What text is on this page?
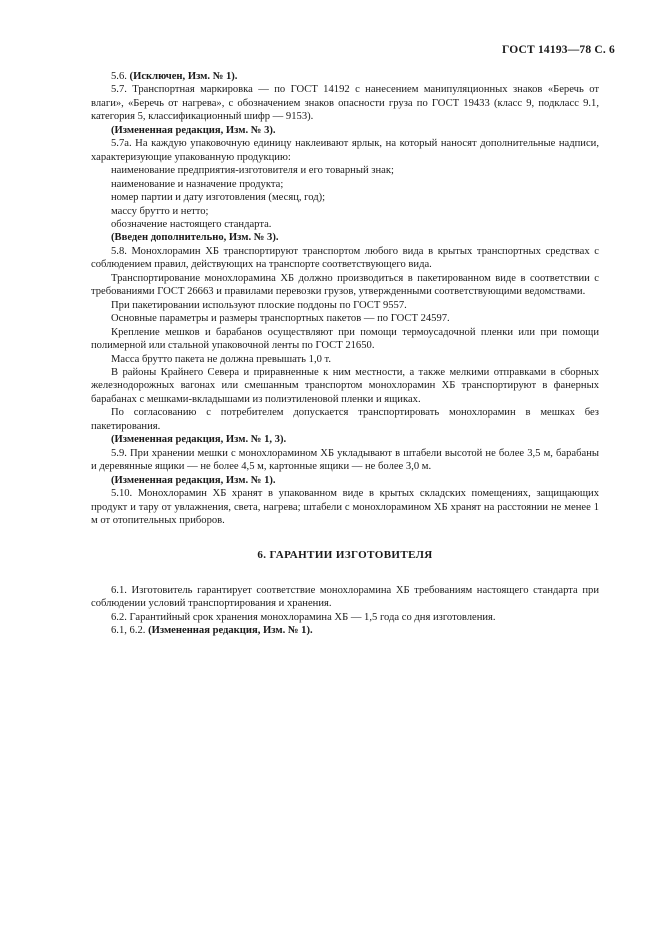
ГОСТ 14193—78 С. 6

5.6. (Исключен, Изм. № 1).

5.7. Транспортная маркировка — по ГОСТ 14192 с нанесением манипуляционных знаков «Беречь от влаги», «Беречь от нагрева», с обозначением знаков опасности груза по ГОСТ 19433 (класс 9, подкласс 9.1, категория 5, классификационный шифр — 9153).

(Измененная редакция, Изм. № 3).

5.7а. На каждую упаковочную единицу наклеивают ярлык, на который наносят дополнительные надписи, характеризующие упакованную продукцию:

наименование предприятия-изготовителя и его товарный знак;

наименование и назначение продукта;

номер партии и дату изготовления (месяц, год);

массу брутто и нетто;

обозначение настоящего стандарта.

(Введен дополнительно, Изм. № 3).

5.8. Монохлорамин ХБ транспортируют транспортом любого вида в крытых транспортных средствах с соблюдением правил, действующих на транспорте соответствующего вида.

Транспортирование монохлорамина ХБ должно производиться в пакетированном виде в соответствии с требованиями ГОСТ 26663 и правилами перевозки грузов, утвержденными соответствующими ведомствами.

При пакетировании используют плоские поддоны по ГОСТ 9557.

Основные параметры и размеры транспортных пакетов — по ГОСТ 24597.

Крепление мешков и барабанов осуществляют при помощи термоусадочной пленки или при помощи полимерной или стальной упаковочной ленты по ГОСТ 21650.

Масса брутто пакета не должна превышать 1,0 т.

В районы Крайнего Севера и приравненные к ним местности, а также мелкими отправками в сборных железнодорожных вагонах или смешанным транспортом монохлорамин ХБ транспортируют в фанерных барабанах с мешками-вкладышами из полиэтиленовой пленки и ящиках.

По согласованию с потребителем допускается транспортировать монохлорамин в мешках без пакетирования.

(Измененная редакция, Изм. № 1, 3).

5.9. При хранении мешки с монохлорамином ХБ укладывают в штабели высотой не более 3,5 м, барабаны и деревянные ящики — не более 4,5 м, картонные ящики — не более 3,0 м.

(Измененная редакция, Изм. № 1).

5.10. Монохлорамин ХБ хранят в упакованном виде в крытых складских помещениях, защищающих продукт и тару от увлажнения, света, нагрева; штабели с монохлорамином ХБ хранят на расстоянии не менее 1 м от отопительных приборов.

6. ГАРАНТИИ ИЗГОТОВИТЕЛЯ

6.1. Изготовитель гарантирует соответствие монохлорамина ХБ требованиям настоящего стандарта при соблюдении условий транспортирования и хранения.

6.2. Гарантийный срок хранения монохлорамина ХБ — 1,5 года со дня изготовления.

6.1, 6.2. (Измененная редакция, Изм. № 1).
